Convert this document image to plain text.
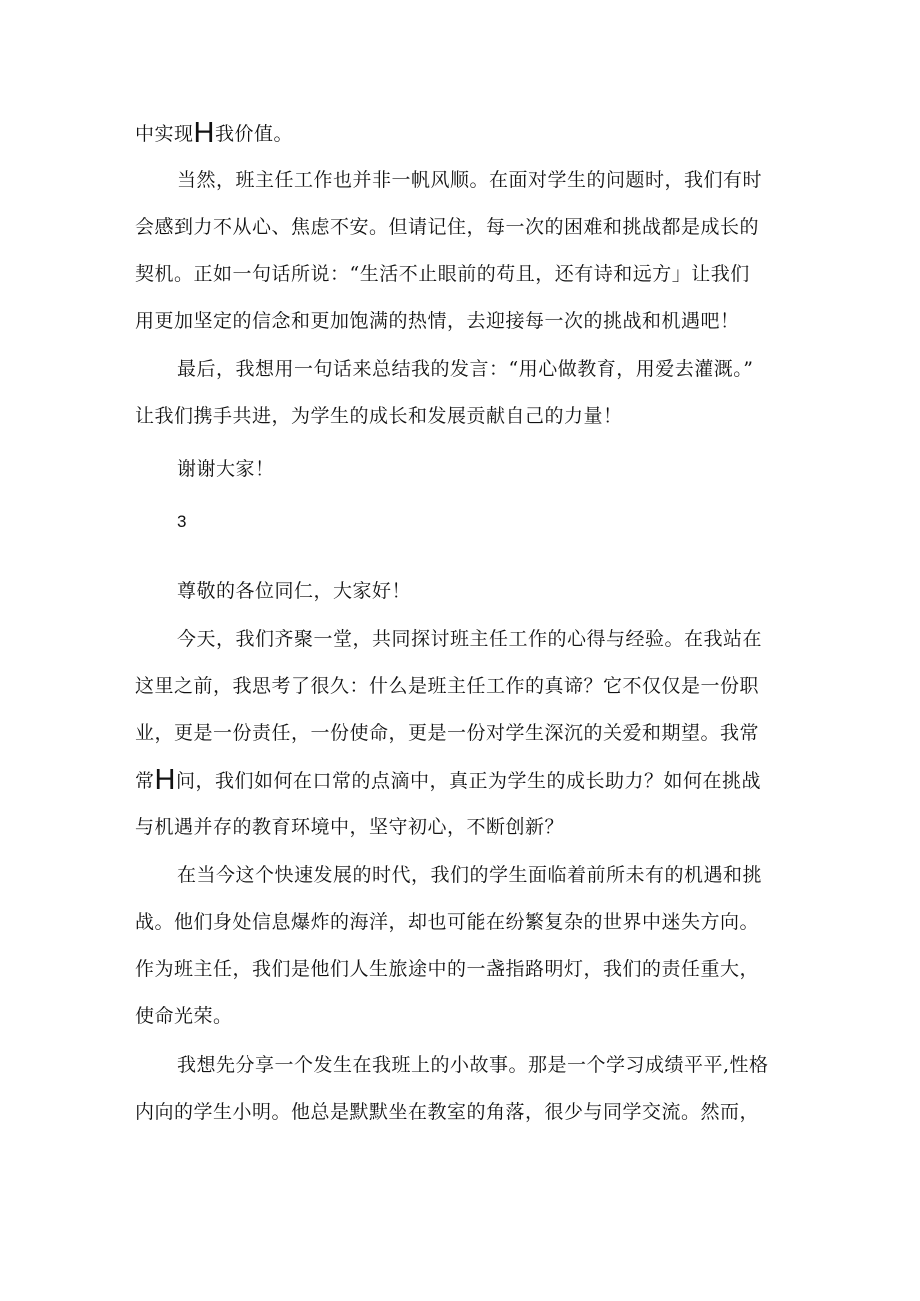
中实现H我价值。
当然，班主任工作也并非一帆风顺。在面对学生的问题时，我们有时
会感到力不从心、焦虑不安。但请记住，每一次的困难和挑战都是成长的
契机。正如一句话所说：“生活不止眼前的苟且，还有诗和远方」让我们
用更加坚定的信念和更加饱满的热情，去迎接每一次的挑战和机遇吧！
最后，我想用一句话来总结我的发言：“用心做教育，用爱去灌溉。”
让我们携手共进，为学生的成长和发展贡献自己的力量！
谢谢大家！
3
尊敬的各位同仁，大家好！
今天，我们齐聚一堂，共同探讨班主任工作的心得与经验。在我站在
这里之前，我思考了很久：什么是班主任工作的真谛？它不仅仅是一份职
业，更是一份责任，一份使命，更是一份对学生深沉的关爱和期望。我常
常H问，我们如何在口常的点滴中，真正为学生的成长助力？如何在挑战
与机遇并存的教育环境中，坚守初心，不断创新？
在当今这个快速发展的时代，我们的学生面临着前所未有的机遇和挑
战。他们身处信息爆炸的海洋，却也可能在纷繁复杂的世界中迷失方向。
作为班主任，我们是他们人生旅途中的一盏指路明灯，我们的责任重大，
使命光荣。
我想先分享一个发生在我班上的小故事。那是一个学习成绩平平,性格
内向的学生小明。他总是默默坐在教室的角落，很少与同学交流。然而，
